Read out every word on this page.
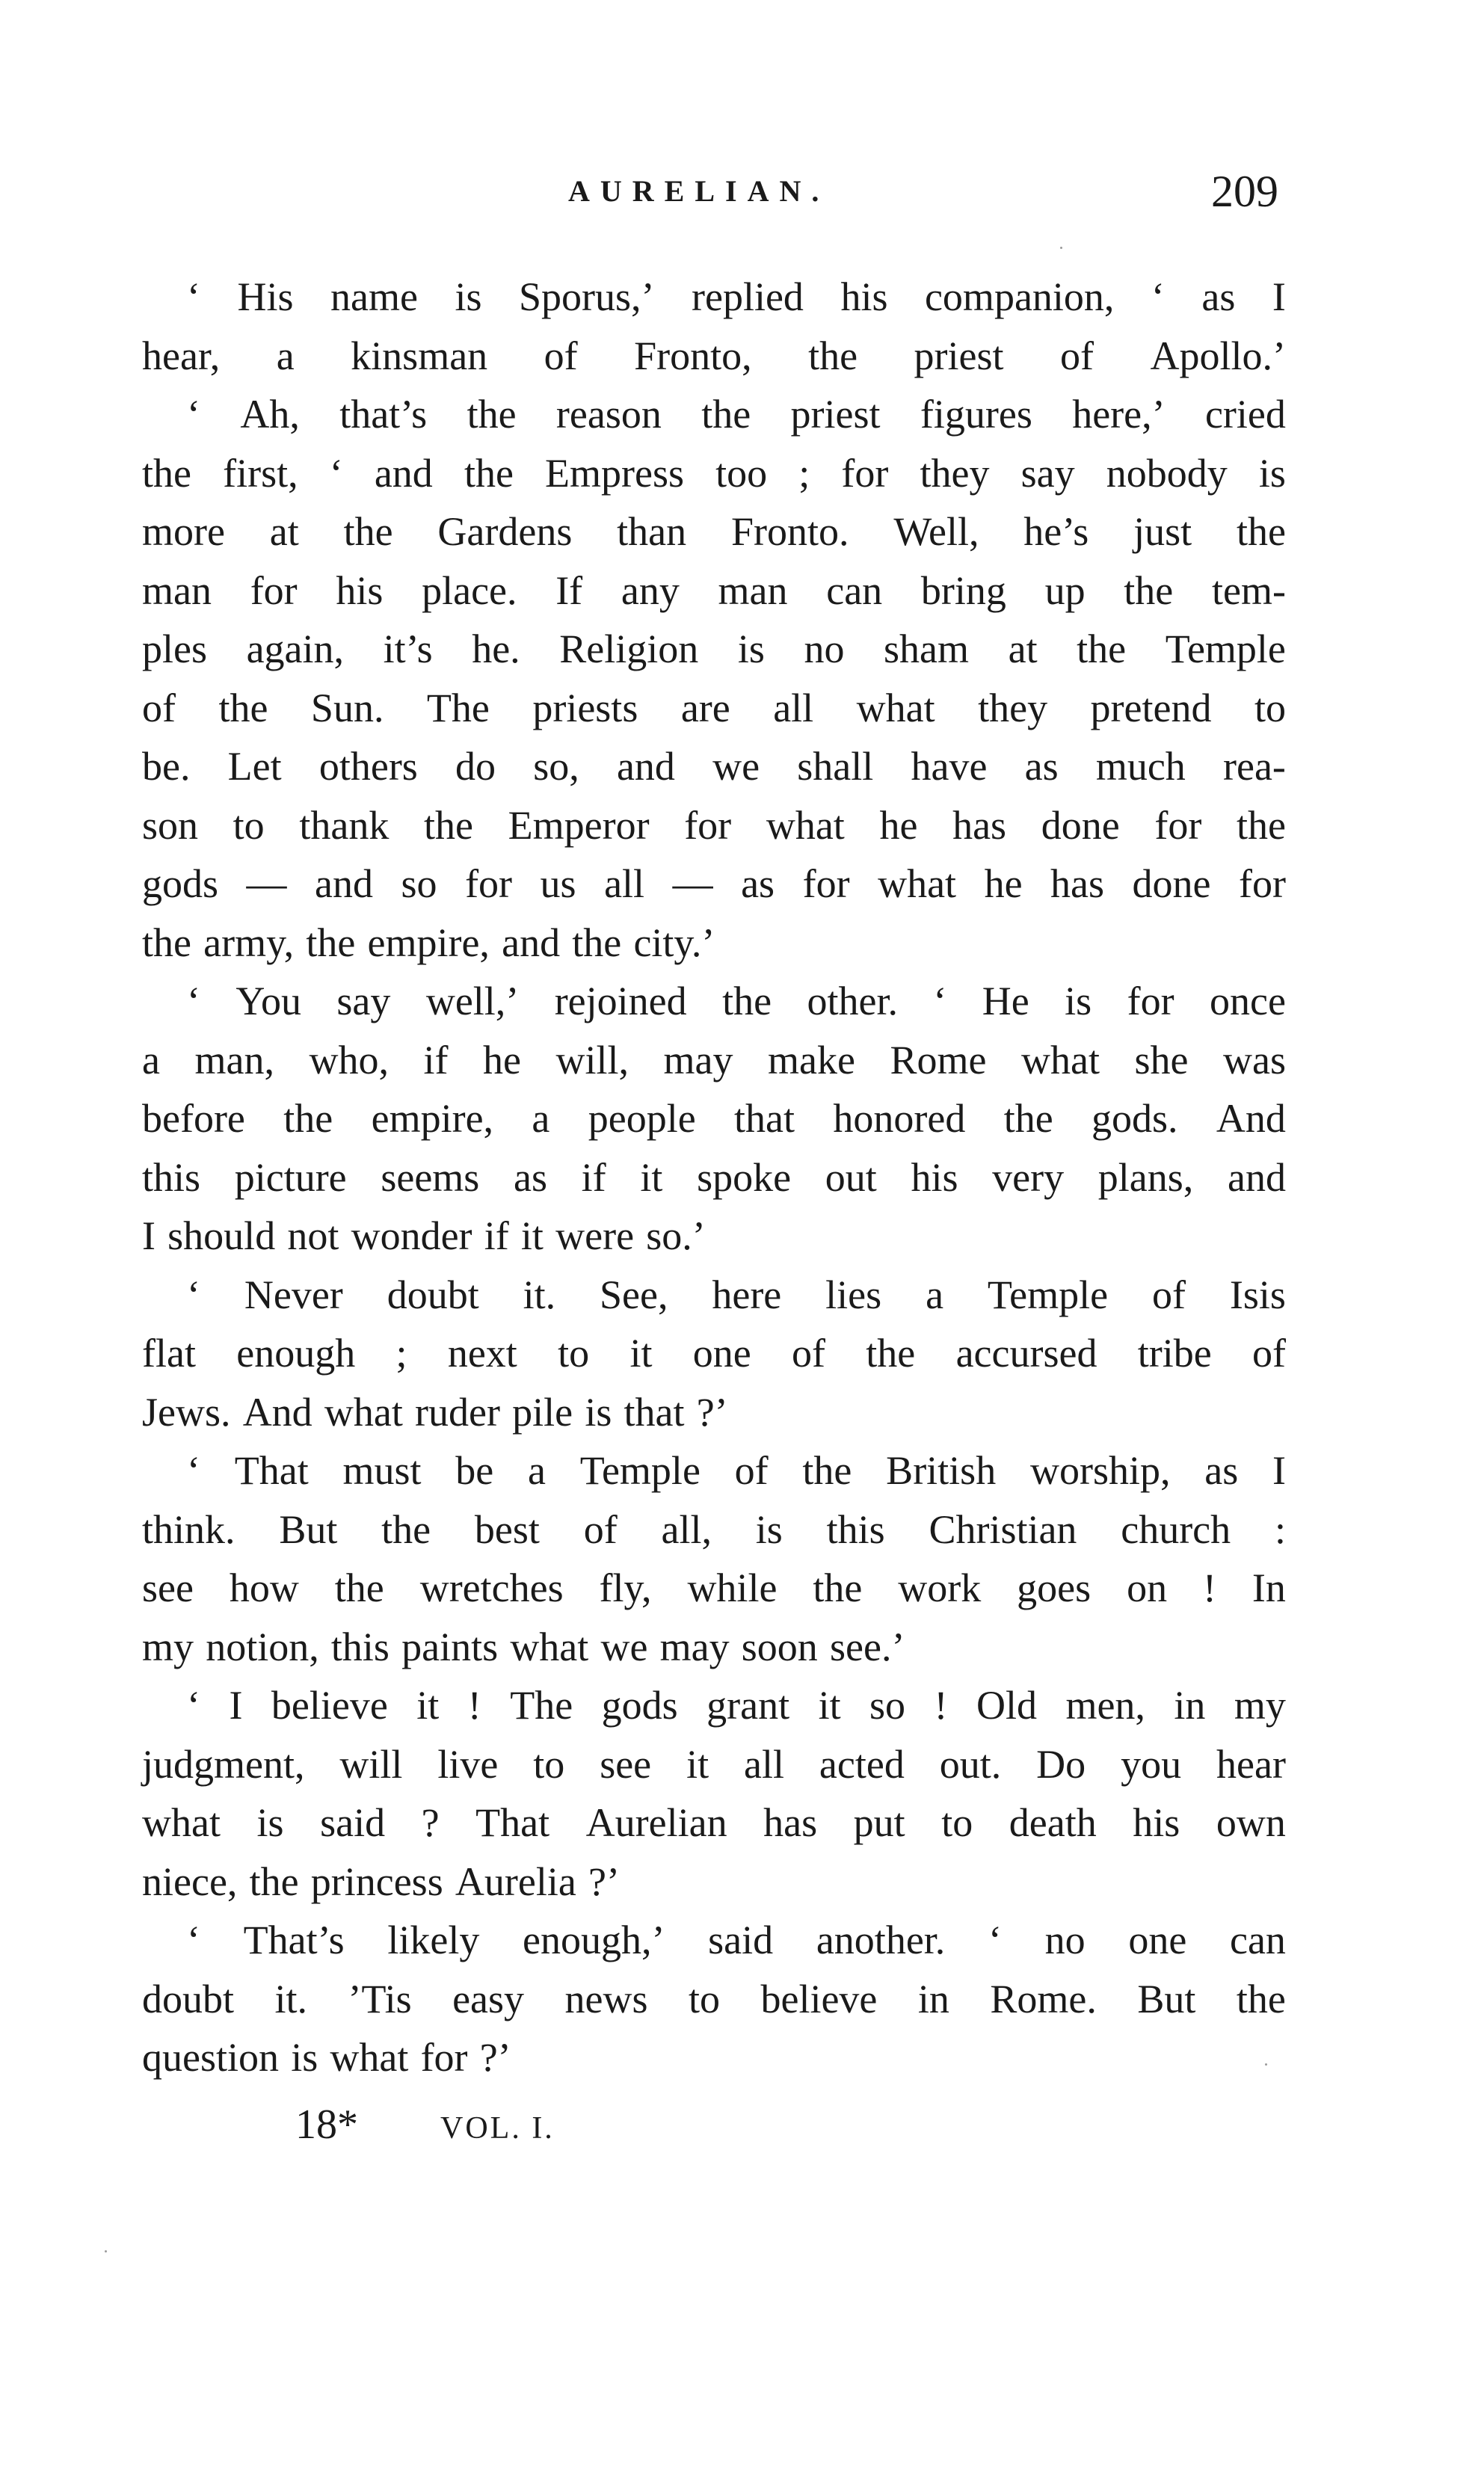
AURELIAN.	209
‘ His name is Sporus,’ replied his companion, ‘ as I
hear, a kinsman of Fronto, the priest of Apollo.’
‘ Ah, that’s the reason the priest figures here,’ cried
the first, ‘ and the Empress too ; for they say nobody is
more at the Gardens than Fronto. Well, he’s just the
man for his place. If any man can bring up the tem-
ples again, it’s he. Religion is no sham at the Temple
of the Sun. The priests are all what they pretend to
be. Let others do so, and we shall have as much rea-
son to thank the Emperor for what he has done for the
gods — and so for us all — as for what he has done for
the army, the empire, and the city.’
‘ You say well,’ rejoined the other. ‘ He is for once
a man, who, if he will, may make Rome what she was
before the empire, a people that honored the gods. And
this picture seems as if it spoke out his very plans, and
I should not wonder if it were so.’
‘ Never doubt it. See, here lies a Temple of Isis
flat enough ; next to it one of the accursed tribe of
Jews. And what ruder pile is that ?’
‘ That must be a Temple of the British worship, as I
think. But the best of all, is this Christian church :
see how the wretches fly, while the work goes on ! In
my notion, this paints what we may soon see.’
‘ I believe it ! The gods grant it so ! Old men, in my
judgment, will live to see it all acted out. Do you hear
what is said ? That Aurelian has put to death his own
niece, the princess Aurelia ?’
‘ That’s likely enough,’ said another. ‘ no one can
doubt it. ’Tis easy news to believe in Rome. But the
question is what for ?’
18*	VOL. I.
